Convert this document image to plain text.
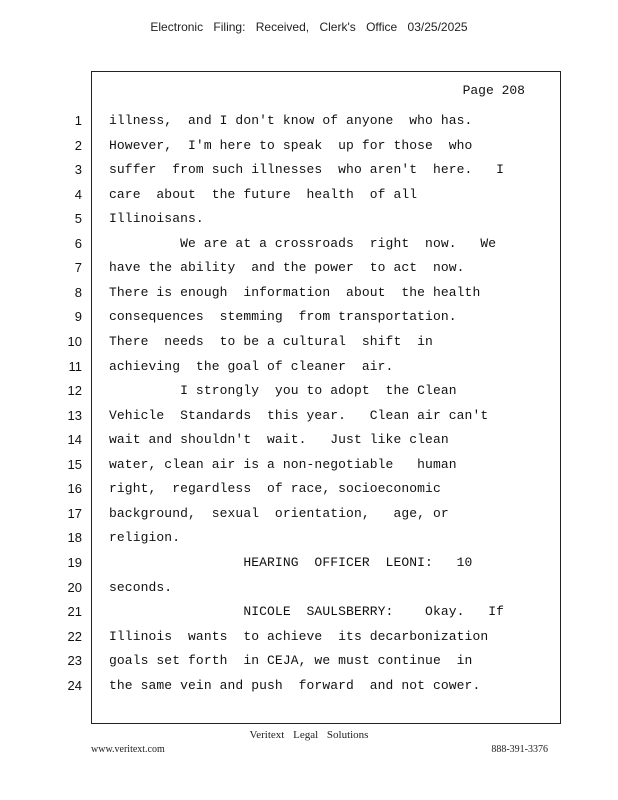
Electronic Filing: Received, Clerk's Office 03/25/2025
Page 208
1 illness,  and I don't know of anyone  who has.
2 However,  I'm here to speak  up for those  who
3 suffer  from such illnesses  who aren't  here.   I
4 care  about  the future  health  of all
5 Illinoisans.
6 We are at a crossroads  right  now.   We
7 have the ability  and the power  to act  now.
8 There is enough  information  about  the health
9 consequences  stemming  from transportation.
10 There  needs  to be a cultural  shift  in
11 achieving  the goal of cleaner  air.
12 I strongly  you to adopt  the Clean
13 Vehicle  Standards  this year.   Clean air can't
14 wait and shouldn't  wait.   Just like clean
15 water, clean air is a non-negotiable   human
16 right,  regardless  of race, socioeconomic
17 background,  sexual  orientation,   age, or
18 religion.
19 HEARING  OFFICER  LEONI:   10
20 seconds.
21 NICOLE  SAULSBERRY:    Okay.   If
22 Illinois  wants  to achieve  its decarbonization
23 goals set forth  in CEJA, we must continue  in
24 the same vein and push  forward  and not cower.
Veritext Legal Solutions
www.veritext.com	888-391-3376
